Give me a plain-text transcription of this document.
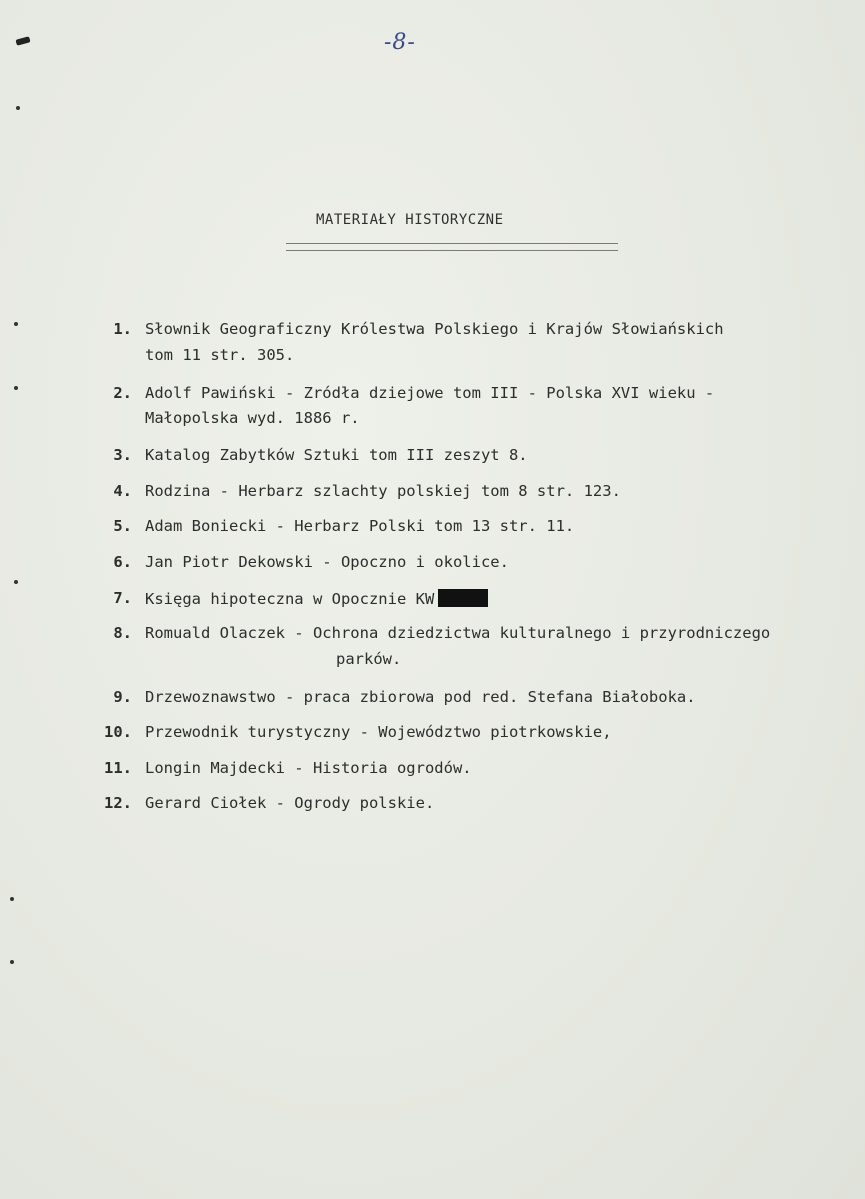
-8-
MATERIAŁY HISTORYCZNE
1. Słownik Geograficzny Królestwa Polskiego i Krajów Słowiańskich
tom 11 str. 305.
2. Adolf Pawiński - Zródła dziejowe tom III - Polska XVI wieku -
Małopolska wyd. 1886 r.
3. Katalog Zabytków Sztuki tom III zeszyt 8.
4. Rodzina - Herbarz szlachty polskiej tom 8 str. 123.
5. Adam Boniecki - Herbarz Polski tom 13 str. 11.
6. Jan Piotr Dekowski - Opoczno i okolice.
7. Księga hipoteczna w Opocznie KW
8. Romuald Olaczek - Ochrona dziedzictwa kulturalnego i przyrodniczego
parków.
9. Drzewoznawstwo - praca zbiorowa pod red. Stefana Białoboka.
10. Przewodnik turystyczny - Województwo piotrkowskie,
11. Longin Majdecki - Historia ogrodów.
12. Gerard Ciołek - Ogrody polskie.
